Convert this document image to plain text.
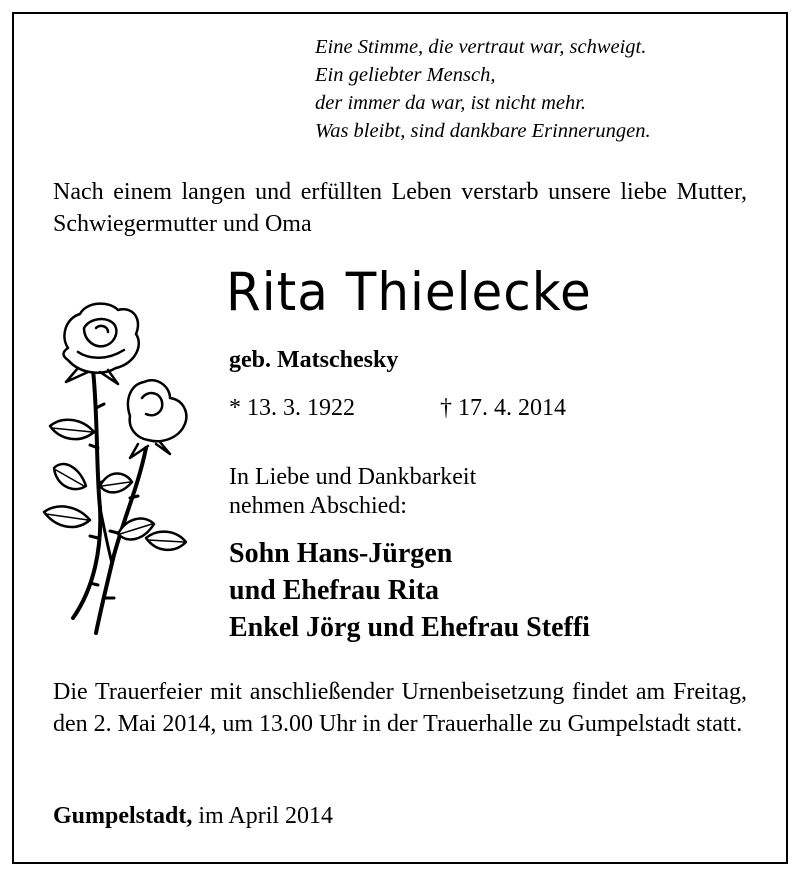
Eine Stimme, die vertraut war, schweigt.
Ein geliebter Mensch,
der immer da war, ist nicht mehr.
Was bleibt, sind dankbare Erinnerungen.
Nach einem langen und erfüllten Leben verstarb unsere liebe Mutter, Schwiegermutter und Oma
Rita Thielecke
geb. Matschesky
* 13. 3. 1922	† 17. 4. 2014
In Liebe und Dankbarkeit
nehmen Abschied:
Sohn Hans-Jürgen
und Ehefrau Rita
Enkel Jörg und Ehefrau Steffi
Die Trauerfeier mit anschließender Urnenbeisetzung findet am Freitag, den 2. Mai 2014, um 13.00 Uhr in der Trauerhalle zu Gumpelstadt statt.
Gumpelstadt, im April 2014
